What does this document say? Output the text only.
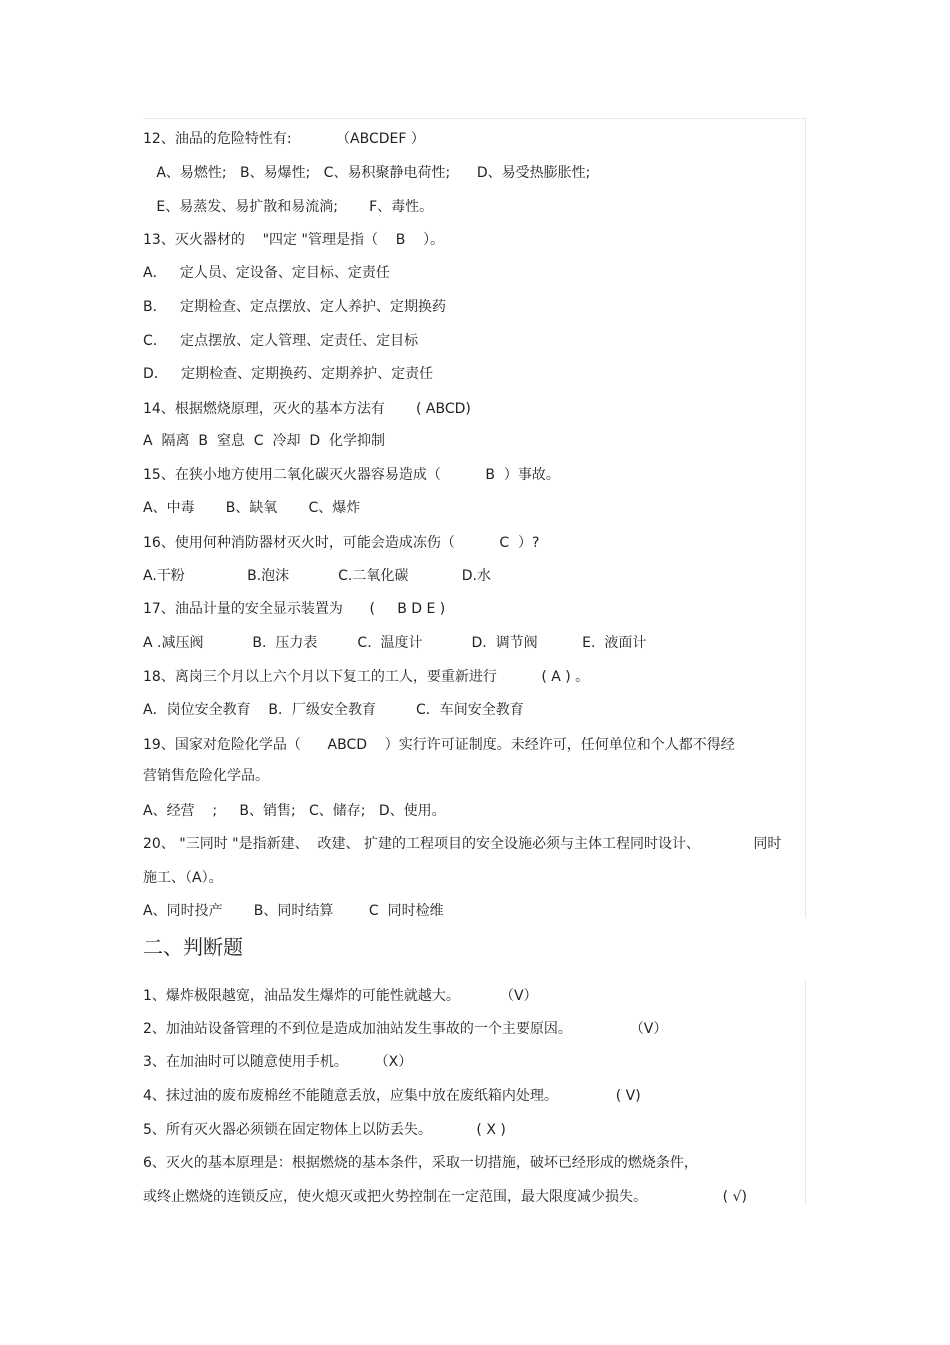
12、油品的危险特性有:          （ABCDEF ）
A、易燃性;   B、易爆性;   C、易积聚静电荷性;      D、易受热膨胀性;
E、易蒸发、易扩散和易流淌;       F、毒性。
13、灭火器材的    "四定 "管理是指（    B    ）。
A．   定人员、定设备、定目标、定责任
B．   定期检查、定点摆放、定人养护、定期换药
C．   定点摆放、定人管理、定责任、定目标
D．   定期检查、定期换药、定期养护、定责任
14、根据燃烧原理，灭火的基本方法有       ( ABCD)
A  隔离  B  窒息  C  冷却  D  化学抑制
15、在狭小地方使用二氧化碳灭火器容易造成（          B  ）事故。
A、中毒       B、缺氧       C、爆炸
16、使用何种消防器材灭火时，可能会造成冻伤（          C  ）?
A.干粉              B.泡沫           C.二氧化碳            D.水
17、油品计量的安全显示装置为      (     B D E )
A .减压阀           B.  压力表         C.  温度计           D.  调节阀          E.  液面计
18、离岗三个月以上六个月以下复工的工人，要重新进行          ( A ) 。
A．岗位安全教育    B．厂级安全教育         C．车间安全教育
19、国家对危险化学品（      ABCD    ）实行许可证制度。未经许可，任何单位和个人都不得经
营销售危险化学品。
A、经营    ;     B、销售;   C、储存;   D、使用。
20、 "三同时 "是指新建、  改建、 扩建的工程项目的安全设施必须与主体工程同时设计、            同时
施工、（A）。
A、同时投产       B、同时结算        C  同时检维
二、判断题
1、爆炸极限越宽，油品发生爆炸的可能性就越大。         （V）
2、加油站设备管理的不到位是造成加油站发生事故的一个主要原因。             （V）
3、在加油时可以随意使用手机。      （X）
4、抹过油的废布废棉丝不能随意丢放，应集中放在废纸箱内处理。             ( V)
5、所有灭火器必须锁在固定物体上以防丢失。          ( X )
6、灭火的基本原理是：根据燃烧的基本条件，采取一切措施，破坏已经形成的燃烧条件，
或终止燃烧的连锁反应，使火熄灭或把火势控制在一定范围，最大限度减少损失。                 ( √)
